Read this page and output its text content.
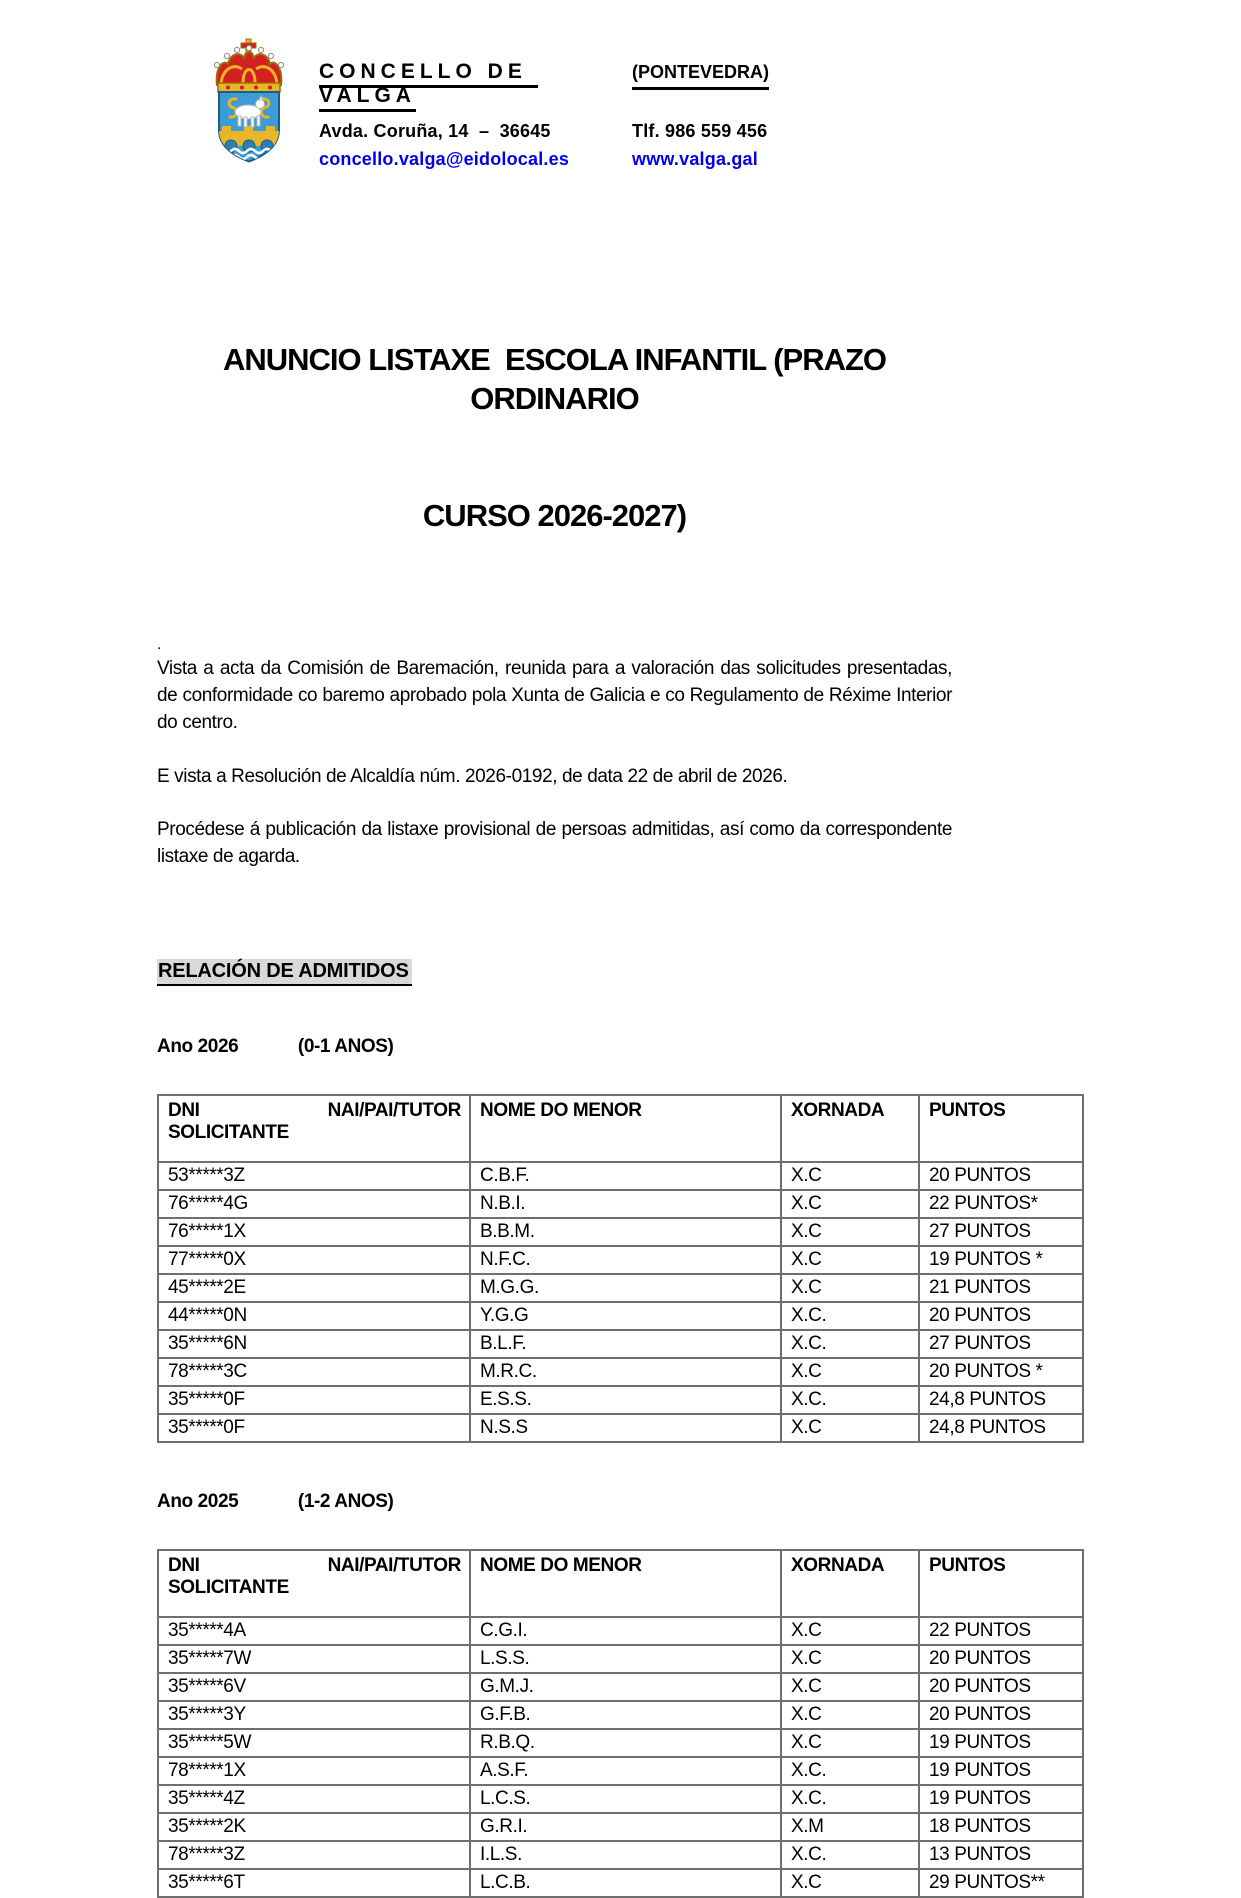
CONCELLO DE VALGA
(PONTEVEDRA)
Avda. Coruña, 14  –  36645	Tlf. 986 559 456
concello.valga@eidolocal.es	www.valga.gal

ANUNCIO LISTAXE  ESCOLA INFANTIL (PRAZO ORDINARIO

CURSO 2026-2027)

.

Vista a acta da Comisión de Baremación, reunida para a valoración das solicitudes presentadas, de conformidade co baremo aprobado pola Xunta de Galicia e co Regulamento de Réxime Interior do centro.

E vista a Resolución de Alcaldía núm. 2026-0192, de data 22 de abril de 2026.

Procédese á publicación da listaxe provisional de persoas admitidas, así como da correspondente listaxe de agarda.

RELACIÓN DE ADMITIDOS
Ano 2026	(0-1 ANOS)
DNI NAI/PAI/TUTOR
SOLICITANTE	NOME DO MENOR	XORNADA	PUNTOS
53*****3Z	C.B.F.	X.C	20 PUNTOS
76*****4G	N.B.I.	X.C	22 PUNTOS*
76*****1X	B.B.M.	X.C	27 PUNTOS
77*****0X	N.F.C.	X.C	19 PUNTOS *
45*****2E	M.G.G.	X.C	21 PUNTOS
44*****0N	Y.G.G	X.C.	20 PUNTOS
35*****6N	B.L.F.	X.C.	27 PUNTOS
78*****3C	M.R.C.	X.C	20 PUNTOS *
35*****0F	E.S.S.	X.C.	24,8 PUNTOS
35*****0F	N.S.S	X.C	24,8 PUNTOS
Ano 2025	(1-2 ANOS)
DNI NAI/PAI/TUTOR
SOLICITANTE	NOME DO MENOR	XORNADA	PUNTOS
35*****4A	C.G.I.	X.C	22 PUNTOS
35*****7W	L.S.S.	X.C	20 PUNTOS
35*****6V	G.M.J.	X.C	20 PUNTOS
35*****3Y	G.F.B.	X.C	20 PUNTOS
35*****5W	R.B.Q.	X.C	19 PUNTOS
78*****1X	A.S.F.	X.C.	19 PUNTOS
35*****4Z	L.C.S.	X.C.	19 PUNTOS
35*****2K	G.R.I.	X.M	18 PUNTOS
78*****3Z	I.L.S.	X.C.	13 PUNTOS
35*****6T	L.C.B.	X.C	29 PUNTOS**
